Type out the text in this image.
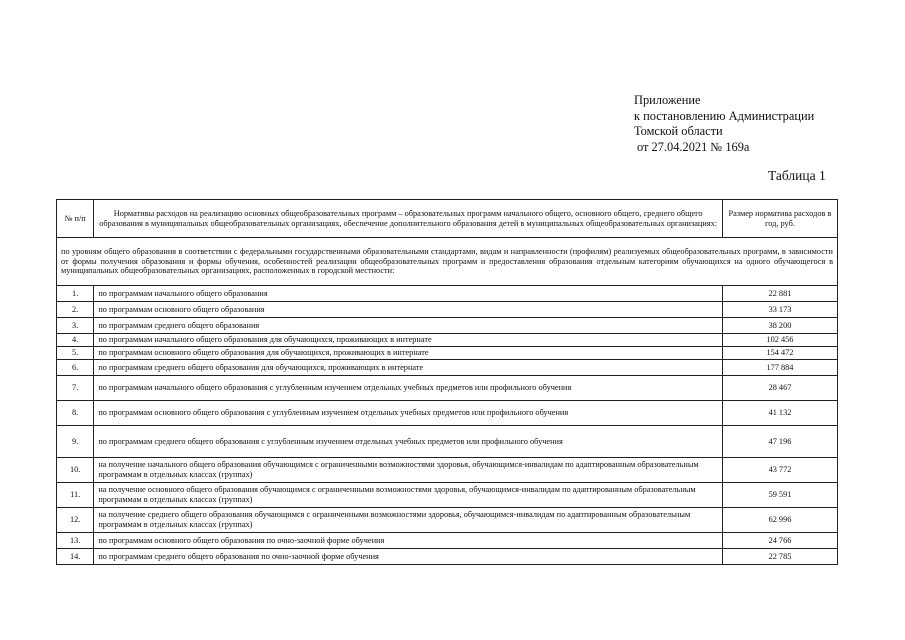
Приложение
к постановлению Администрации
Томской области
от 27.04.2021 № 169а
Таблица 1
№ п/п	Нормативы расходов на реализацию основных общеобразовательных программ – образовательных программ начального общего, основного общего, среднего общего образования в муниципальных общеобразовательных организациях, обеспечение дополнительного образования детей в муниципальных общеобразовательных организациях:	Размер норматива расходов в год, руб.
по уровням общего образования в соответствии с федеральными государственными образовательными стандартами, видам и направленности (профилям) реализуемых общеобразовательных программ, в зависимости от формы получения образования и формы обучения, особенностей реализации общеобразовательных программ и предоставления образования отдельным категориям обучающихся на одного обучающегося в муниципальных общеобразовательных организациях, расположенных в городской местности:		
1.	по программам начального общего образования	22 881
2.	по программам основного общего образования	33 173
3.	по программам среднего общего образования	38 200
4.	по программам начального общего образования для обучающихся, проживающих в интернате	102 456
5.	по программам основного общего образования для обучающихся, проживающих в интернате	154 472
6.	по программам среднего общего образования для обучающихся, проживающих в интернате	177 884
7.	по программам начального общего образования с углубленным изучением отдельных учебных предметов или профильного обучения	28 467
8.	по программам основного общего образования с углубленным изучением отдельных учебных предметов или профильного обучения	41 132
9.	по программам среднего общего образования с углубленным изучением отдельных учебных предметов или профильного обучения	47 196
10.	на получение начального общего образования обучающимся с ограниченными возможностями здоровья, обучающимся-инвалидам по адаптированным образовательным программам в отдельных классах (группах)	43 772
11.	на получение основного общего образования обучающимся с ограниченными возможностями здоровья, обучающимся-инвалидам по адаптированным образовательным программам в отдельных классах (группах)	59 591
12.	на получение среднего общего образования обучающимся с ограниченными возможностями здоровья, обучающимся-инвалидам по адаптированным образовательным программам в отдельных классах (группах)	62 996
13.	по программам основного общего образования по очно-заочной форме обучения	24 766
14.	по программам среднего общего образования по очно-заочной форме обучения	22 785
